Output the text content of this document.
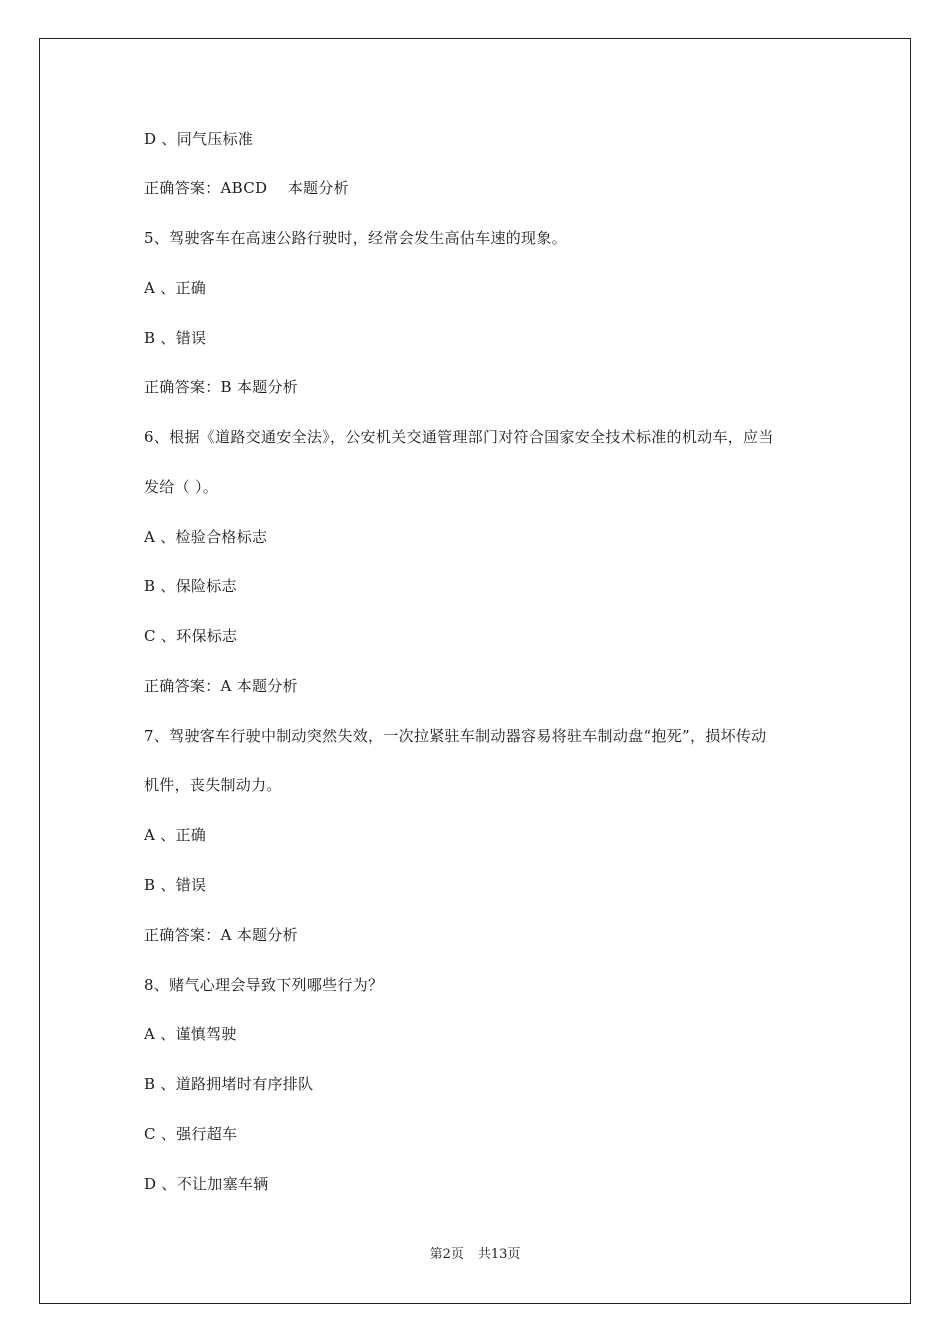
D 、同气压标准
正确答案：ABCD　 本题分析
5、驾驶客车在高速公路行驶时，经常会发生高估车速的现象。
A 、正确
B 、错误
正确答案：B 本题分析
6、根据《道路交通安全法》，公安机关交通管理部门对符合国家安全技术标准的机动车，应当
发给（ ）。
A 、检验合格标志
B 、保险标志
C 、环保标志
正确答案：A 本题分析
7、驾驶客车行驶中制动突然失效，一次拉紧驻车制动器容易将驻车制动盘“抱死”，损坏传动
机件，丧失制动力。
A 、正确
B 、错误
正确答案：A 本题分析
8、赌气心理会导致下列哪些行为？
A 、谨慎驾驶
B 、道路拥堵时有序排队
C 、强行超车
D 、不让加塞车辆
第2页 共13页
